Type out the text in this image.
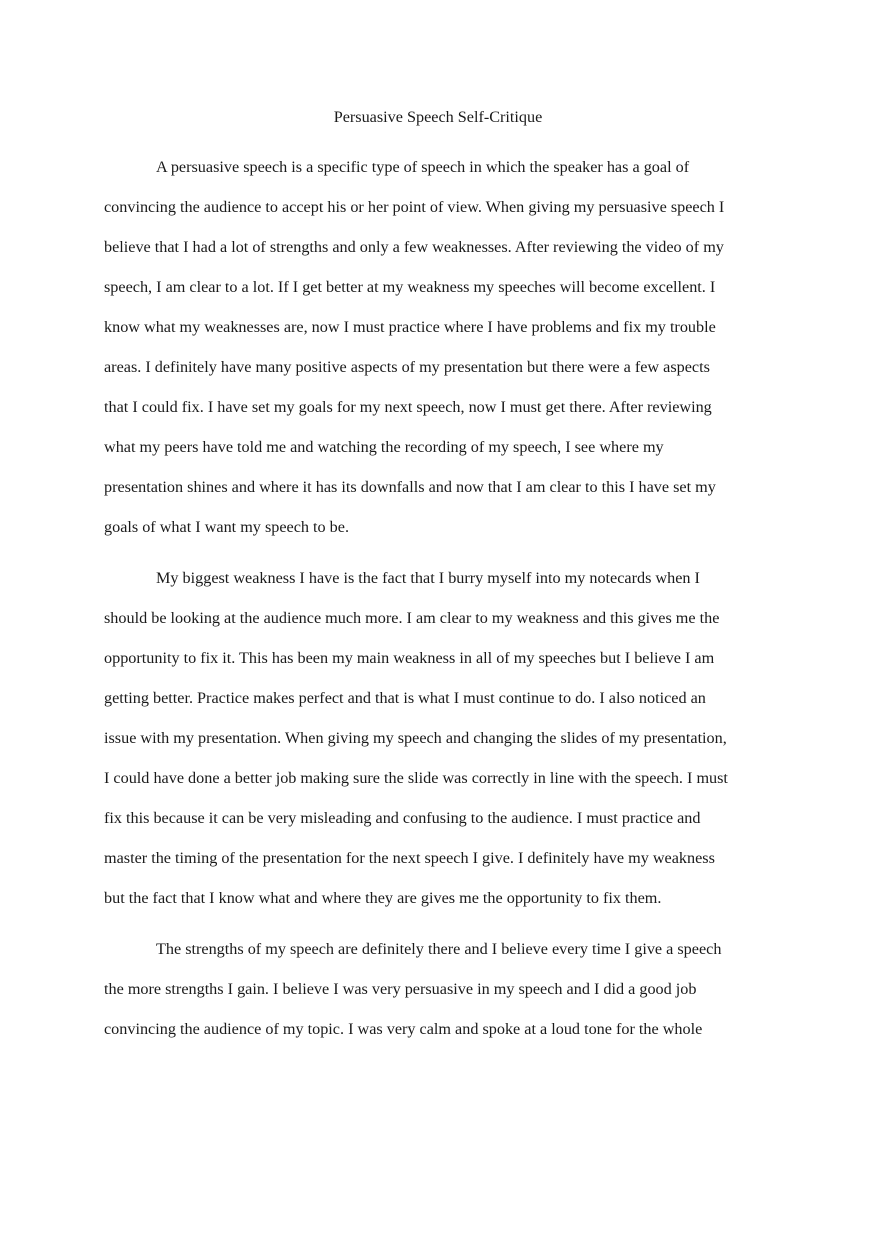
Persuasive Speech Self-Critique
A persuasive speech is a specific type of speech in which the speaker has a goal of
convincing the audience to accept his or her point of view. When giving my persuasive speech I
believe that I had a lot of strengths and only a few weaknesses. After reviewing the video of my
speech, I am clear to a lot. If I get better at my weakness my speeches will become excellent. I
know what my weaknesses are, now I must practice where I have problems and fix my trouble
areas. I definitely have many positive aspects of my presentation but there were a few aspects
that I could fix. I have set my goals for my next speech, now I must get there. After reviewing
what my peers have told me and watching the recording of my speech, I see where my
presentation shines and where it has its downfalls and now that I am clear to this I have set my
goals of what I want my speech to be.
My biggest weakness I have is the fact that I burry myself into my notecards when I
should be looking at the audience much more. I am clear to my weakness and this gives me the
opportunity to fix it. This has been my main weakness in all of my speeches but I believe I am
getting better. Practice makes perfect and that is what I must continue to do. I also noticed an
issue with my presentation. When giving my speech and changing the slides of my presentation,
I could have done a better job making sure the slide was correctly in line with the speech. I must
fix this because it can be very misleading and confusing to the audience. I must practice and
master the timing of the presentation for the next speech I give. I definitely have my weakness
but the fact that I know what and where they are gives me the opportunity to fix them.
The strengths of my speech are definitely there and I believe every time I give a speech
the more strengths I gain. I believe I was very persuasive in my speech and I did a good job
convincing the audience of my topic. I was very calm and spoke at a loud tone for the whole
